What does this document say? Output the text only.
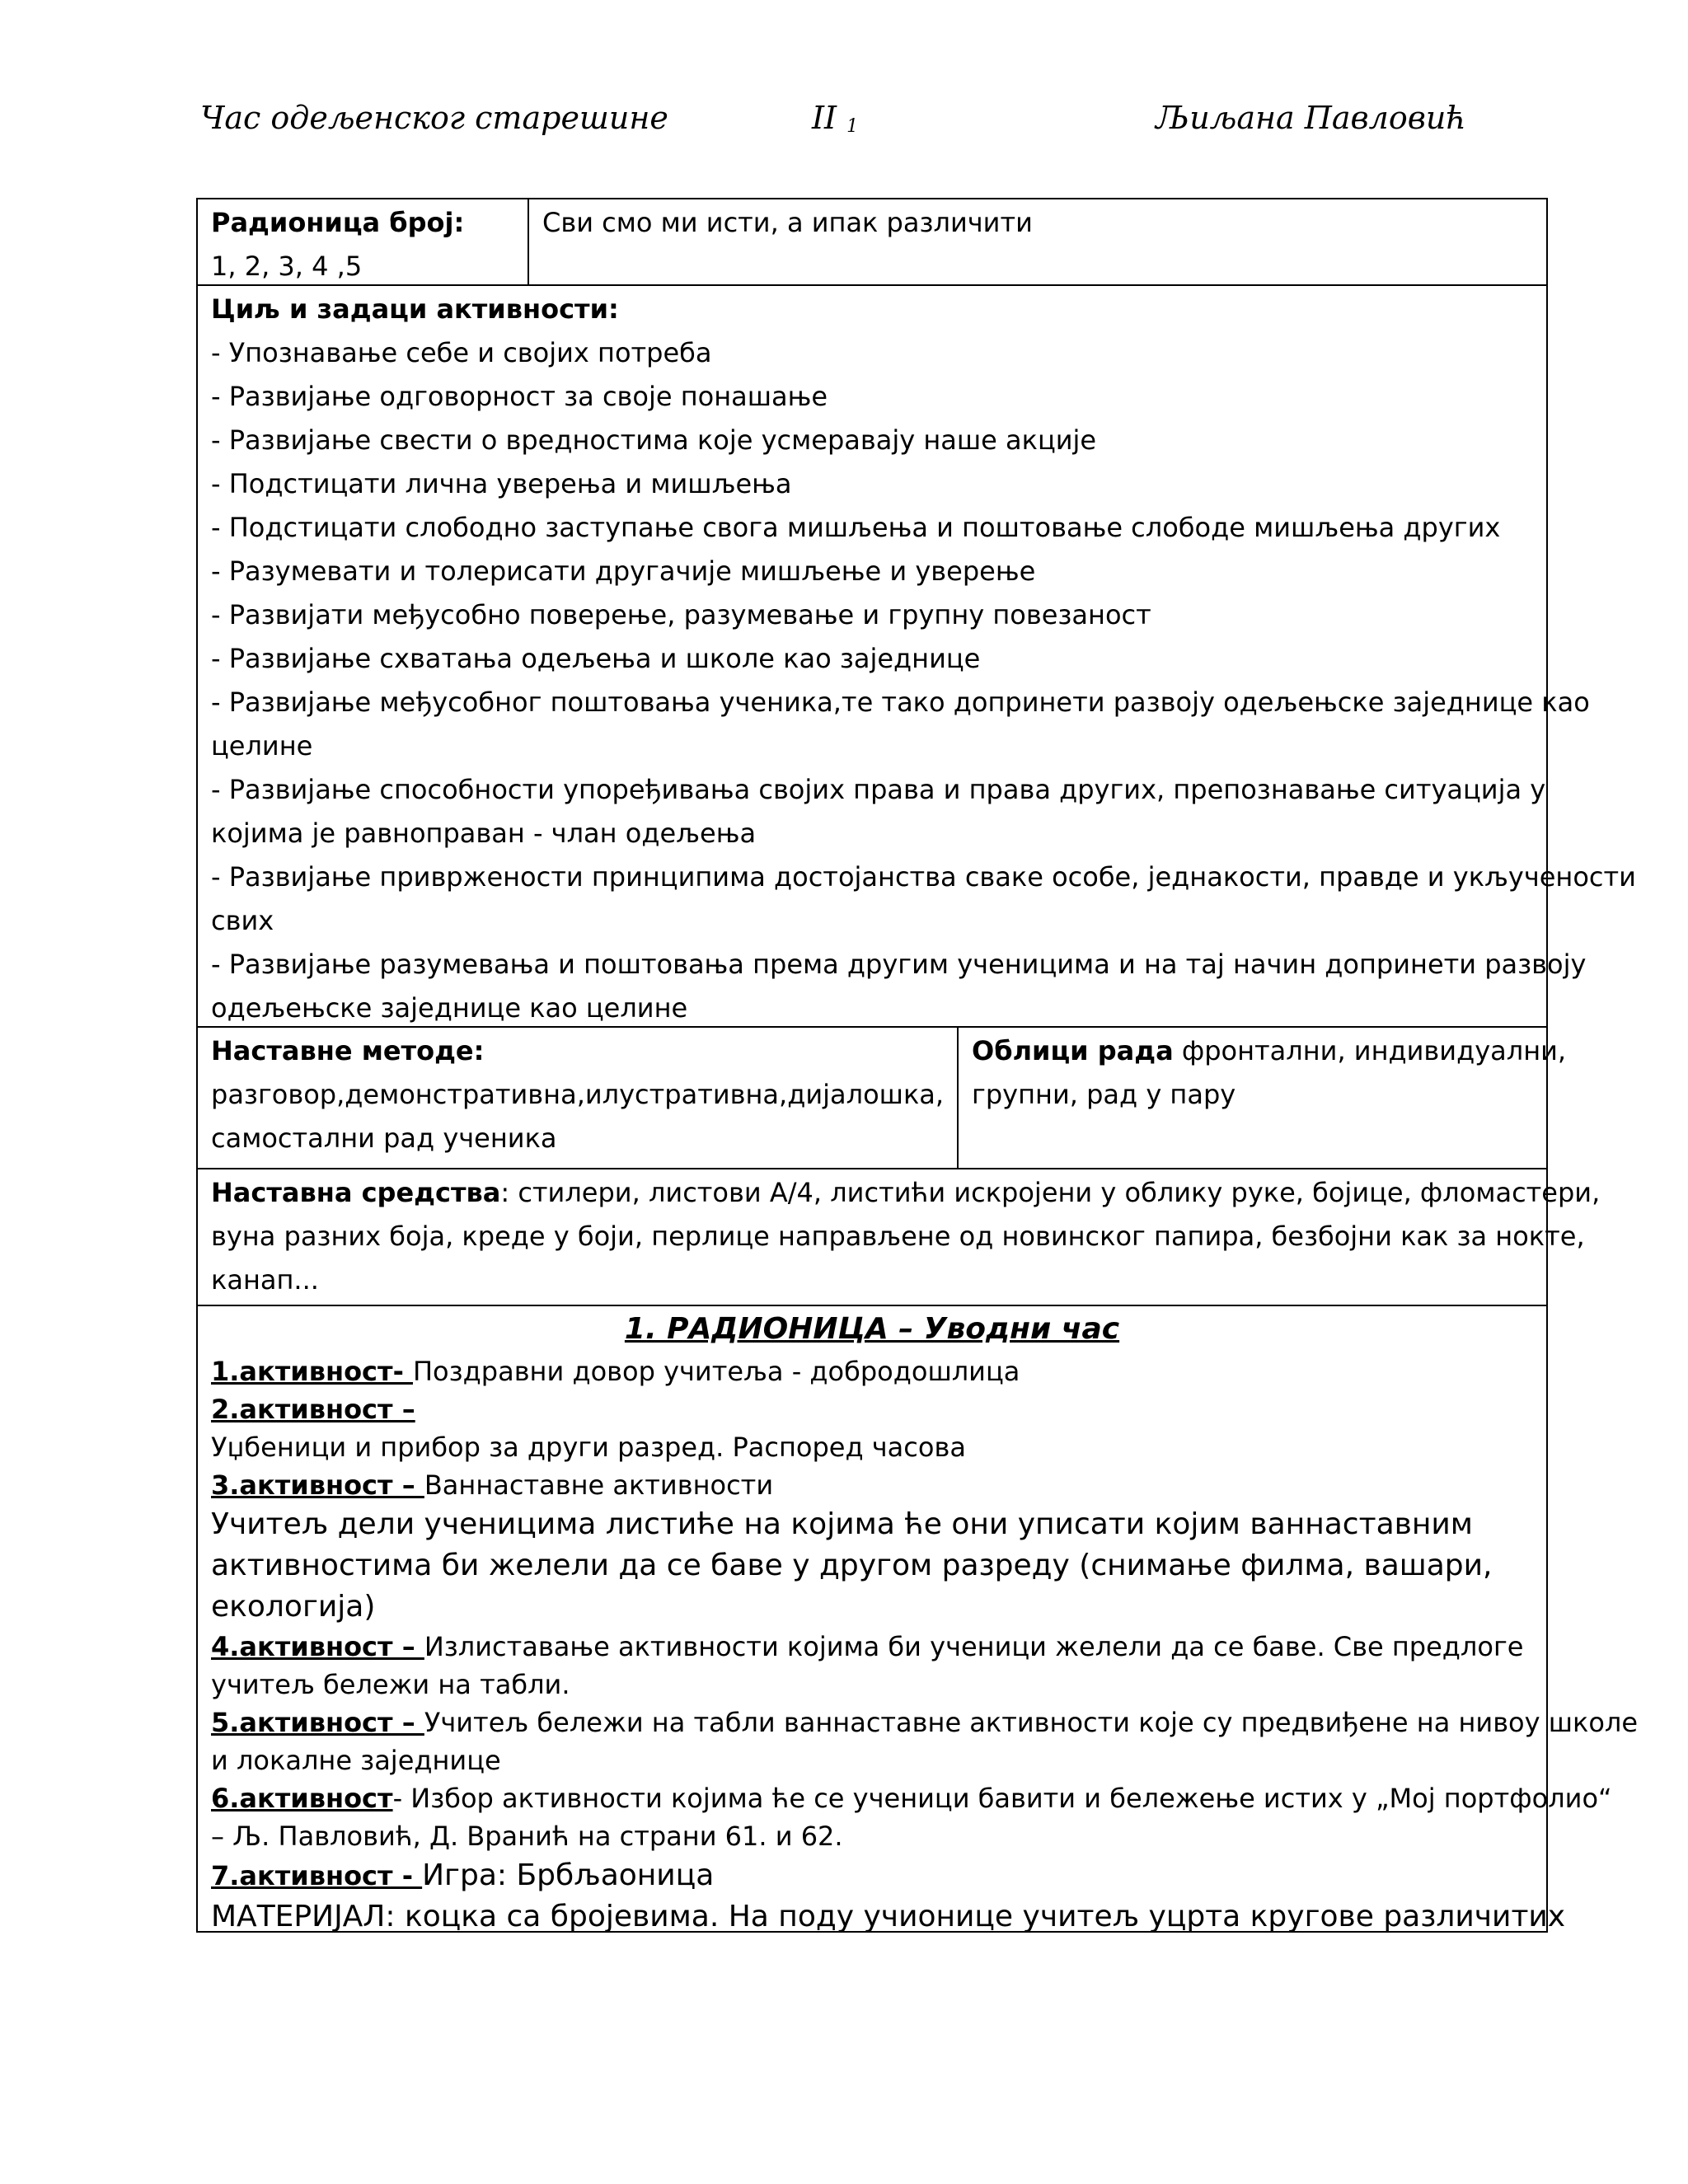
Час одељенског старешине	II $_1$	Љиљана Павловић
Радионица број:
1, 2, 3, 4 ,5
Сви смо ми исти, а ипак различити
Циљ и задаци активности:
- Упознавање себе и својих потреба
- Развијање одговорност за своје понашање
- Развијање свести о вредностима које усмеравају наше акције
- Подстицати лична уверења и мишљења
- Подстицати слободно заступање свога мишљења и поштовање слободе мишљења других
- Разумевати и толерисати другачије мишљење и уверење
- Развијати међусобно поверење, разумевање и групну повезаност
- Развијање схватања одељења и школе као заједнице
- Развијање међусобног поштовања ученика,те тако допринети развоју одељењске заједнице као
целине
- Развијање способности упоређивања својих права и права других, препознавање ситуација у
којима је равноправан - члан одељења
- Развијање привржености принципима достојанства сваке особе, једнакости, правде и укључености
свих
- Развијање разумевања и поштовања према другим ученицима и на тај начин допринети развоју
одељењске заједнице као целине
Наставне методе:
разговор,демонстративна,илустративна,дијалошка,
самостални рад ученика
Облици рада фронтални, индивидуални,
групни, рад у пару
Наставна средства: стилери, листови А/4, листићи искројени у облику руке, бојице, фломастери,
вуна разних боја, креде у боји, перлице направљене од новинског папира, безбојни как за нокте,
канап...
1. РАДИОНИЦА – Уводни час
1.активност- Поздравни довор учитеља - добродошлица
2.активност –
Уџбеници и прибор за други разред. Распоред часова
3.активност – Ваннаставне активности
Учитељ дели ученицима листиће на којима ће они уписати којим ваннаставним
активностима би желели да се баве у другом разреду (снимање филма, вашари,
екологија)
4.активност – Излиставање активности којима би ученици желели да се баве. Све предлоге
учитељ бележи на табли.
5.активност – Учитељ бележи на табли ваннаставне активности које су предвиђене на нивоу школе
и локалне заједнице
6.активност- Избор активности којима ће се ученици бавити и бележење истих у „Мој портфолио“
– Љ. Павловић, Д. Вранић на страни 61. и 62.
7.активност - Игра: Брбљаоница
МАТЕРИЈАЛ: коцка са бројевима. На поду учионице учитељ уцрта кругове различитих
